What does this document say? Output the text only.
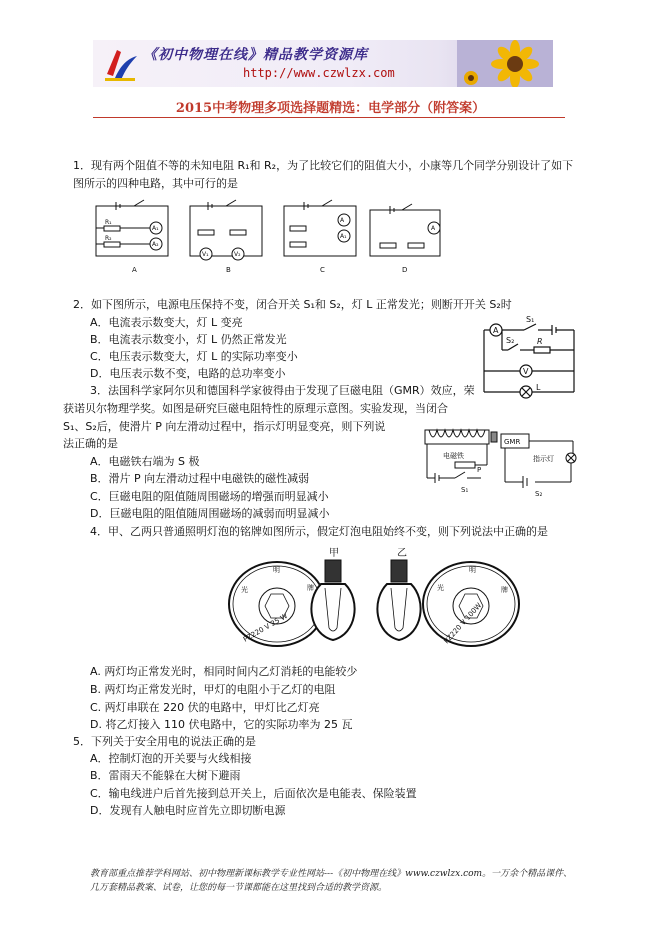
《初中物理在线》精品教学资源库
http://www.czwlzx.com
2015中考物理多项选择题精选：电学部分（附答案）
1．现有两个阻值不等的未知电阻 R₁和 R₂，为了比较它们的阻值大小，小康等几个同学分别设计了如下
图所示的四种电路，其中可行的是
R₁
R₂
A₁
A₂
V₁	V₂
A
A₁
A
A	B	C	D
2．如下图所示，电源电压保持不变，闭合开关 S₁和 S₂，灯 L 正常发光；则断开开关 S₂时
A．电流表示数变大，灯 L 变亮
B．电流表示数变小，灯 L 仍然正常发光
C．电压表示数变大，灯 L 的实际功率变小
D．电压表示数不变，电路的总功率变小
A
S₁
S₂	R
V
L
3．法国科学家阿尔贝和德国科学家彼得由于发现了巨磁电阻（GMR）效应，荣
获诺贝尔物理学奖。如图是研究巨磁电阻特性的原理示意图。实验发现，当闭合
S₁、S₂后，使滑片 P 向左滑动过程中，指示灯明显变亮，则下列说
法正确的是
A．电磁铁右端为 S 极
B．滑片 P 向左滑动过程中电磁铁的磁性减弱
C．巨磁电阻的阻值随周围磁场的增强而明显减小
D．巨磁电阻的阻值随周围磁场的减弱而明显减小
GMR
电磁铁	指示灯
P
S₁	S₂
4．甲、乙两只普通照明灯泡的铭牌如图所示，假定灯泡电阻始终不变，则下列说法中正确的是
甲	乙
光
明
牌
PZ220 V 25 W
光
明
牌
PZ220 V 100W
A. 两灯均正常发光时，相同时间内乙灯消耗的电能较少
B. 两灯均正常发光时，甲灯的电阻小于乙灯的电阻
C. 两灯串联在 220 伏的电路中，甲灯比乙灯亮
D. 将乙灯接入 110 伏电路中，它的实际功率为 25 瓦
5．下列关于安全用电的说法正确的是
A．控制灯泡的开关要与火线相接
B．雷雨天不能躲在大树下避雨
C．输电线进户后首先接到总开关上，后面依次是电能表、保险装置
D．发现有人触电时应首先立即切断电源
教育部重点推荐学科网站、初中物理新课标教学专业性网站---《初中物理在线》www.czwlzx.com。一万余个精品课件、
几万套精品教案、试卷，让您的每一节课都能在这里找到合适的教学资源。
